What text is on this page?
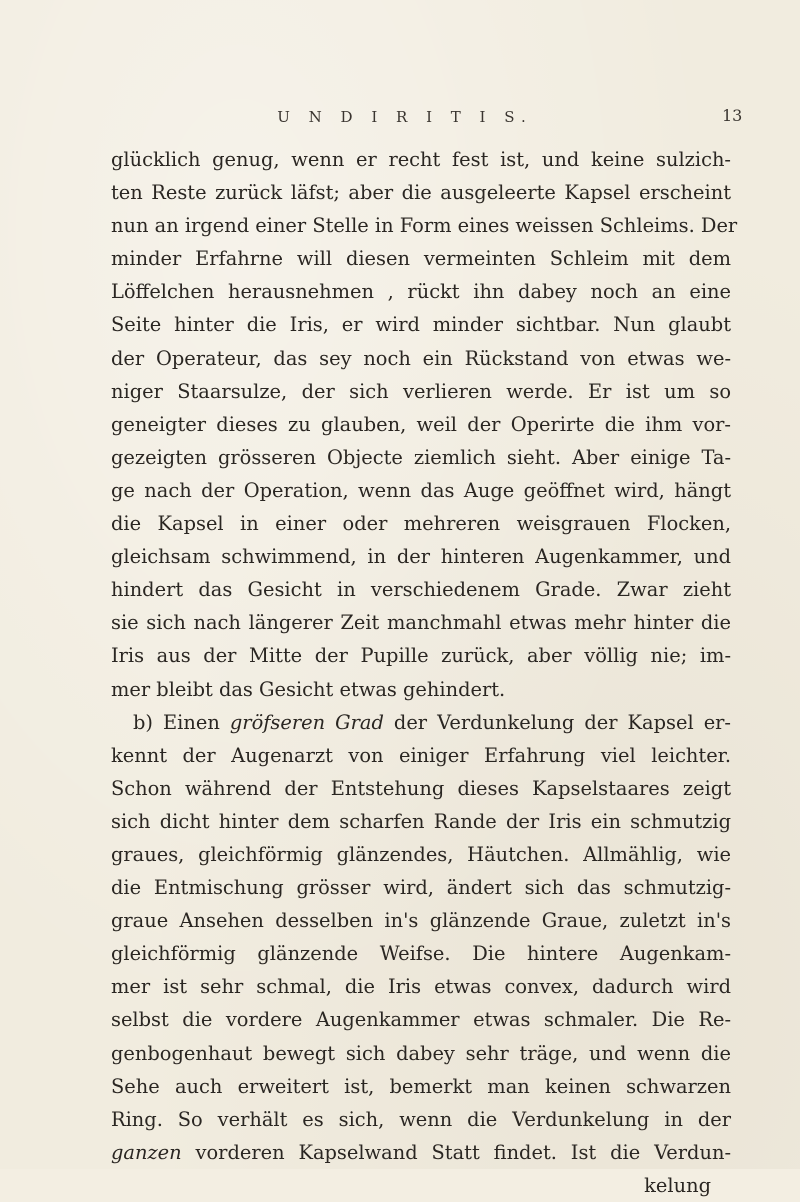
U N D I R I T I S.	13
glücklich genug, wenn er recht fest ist, und keine sulzich-
ten Reste zurück läfst; aber die ausgeleerte Kapsel erscheint
nun an irgend einer Stelle in Form eines weissen Schleims. Der
minder Erfahrne will diesen vermeinten Schleim mit dem
Löffelchen herausnehmen , rückt ihn dabey noch an eine
Seite hinter die Iris, er wird minder sichtbar. Nun glaubt
der Operateur, das sey noch ein Rückstand von etwas we-
niger Staarsulze, der sich verlieren werde. Er ist um so
geneigter dieses zu glauben, weil der Operirte die ihm vor-
gezeigten grösseren Objecte ziemlich sieht. Aber einige Ta-
ge nach der Operation, wenn das Auge geöffnet wird, hängt
die Kapsel in einer oder mehreren weisgrauen Flocken,
gleichsam schwimmend, in der hinteren Augenkammer, und
hindert das Gesicht in verschiedenem Grade. Zwar zieht
sie sich nach längerer Zeit manchmahl etwas mehr hinter die
Iris aus der Mitte der Pupille zurück, aber völlig nie; im-
mer bleibt das Gesicht etwas gehindert.
b) Einen gröfseren Grad der Verdunkelung der Kapsel er-
kennt der Augenarzt von einiger Erfahrung viel leichter.
Schon während der Entstehung dieses Kapselstaares zeigt
sich dicht hinter dem scharfen Rande der Iris ein schmutzig
graues, gleichförmig glänzendes, Häutchen. Allmählig, wie
die Entmischung grösser wird, ändert sich das schmutzig-
graue Ansehen desselben in's glänzende Graue, zuletzt in's
gleichförmig glänzende Weifse. Die hintere Augenkam-
mer ist sehr schmal, die Iris etwas convex, dadurch wird
selbst die vordere Augenkammer etwas schmaler. Die Re-
genbogenhaut bewegt sich dabey sehr träge, und wenn die
Sehe auch erweitert ist, bemerkt man keinen schwarzen
Ring. So verhält es sich, wenn die Verdunkelung in der
ganzen vorderen Kapselwand Statt findet. Ist die Verdun-
kelung
